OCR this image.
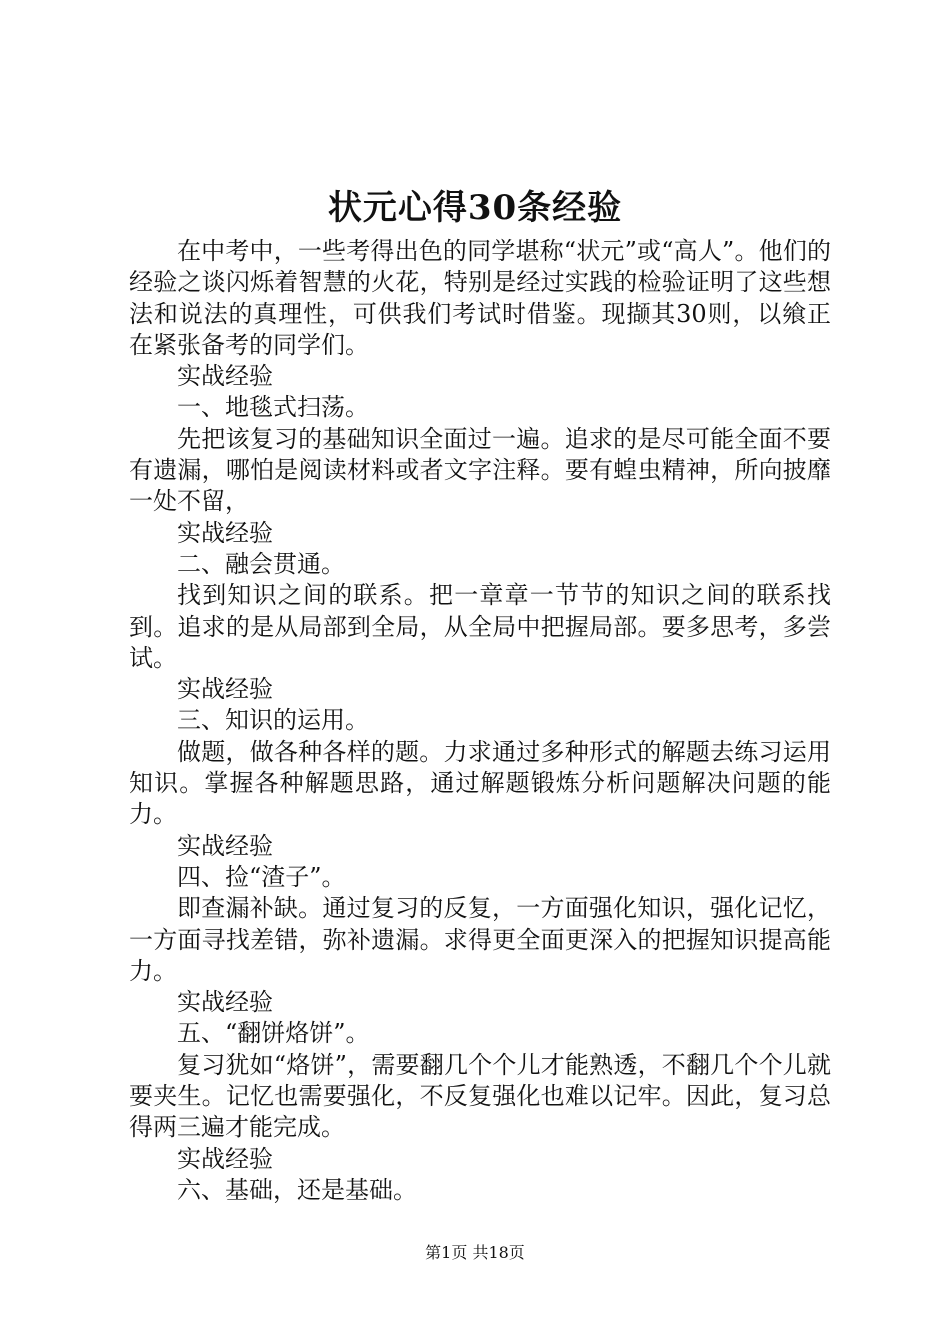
状元心得30条经验

在中考中，一些考得出色的同学堪称“状元”或“高人”。他们的经验之谈闪烁着智慧的火花，特别是经过实践的检验证明了这些想法和说法的真理性，可供我们考试时借鉴。现撷其30则，以飨正在紧张备考的同学们。

实战经验

一、地毯式扫荡。

先把该复习的基础知识全面过一遍。追求的是尽可能全面不要有遗漏，哪怕是阅读材料或者文字注释。要有蝗虫精神，所向披靡一处不留，

实战经验

二、融会贯通。

找到知识之间的联系。把一章章一节节的知识之间的联系找到。追求的是从局部到全局，从全局中把握局部。要多思考，多尝试。

实战经验

三、知识的运用。

做题，做各种各样的题。力求通过多种形式的解题去练习运用知识。掌握各种解题思路，通过解题锻炼分析问题解决问题的能力。

实战经验

四、捡“渣子”。

即查漏补缺。通过复习的反复，一方面强化知识，强化记忆，一方面寻找差错，弥补遗漏。求得更全面更深入的把握知识提高能力。

实战经验

五、“翻饼烙饼”。

复习犹如“烙饼”，需要翻几个个儿才能熟透，不翻几个个儿就要夹生。记忆也需要强化，不反复强化也难以记牢。因此，复习总得两三遍才能完成。

实战经验

六、基础，还是基础。

第1页 共18页
